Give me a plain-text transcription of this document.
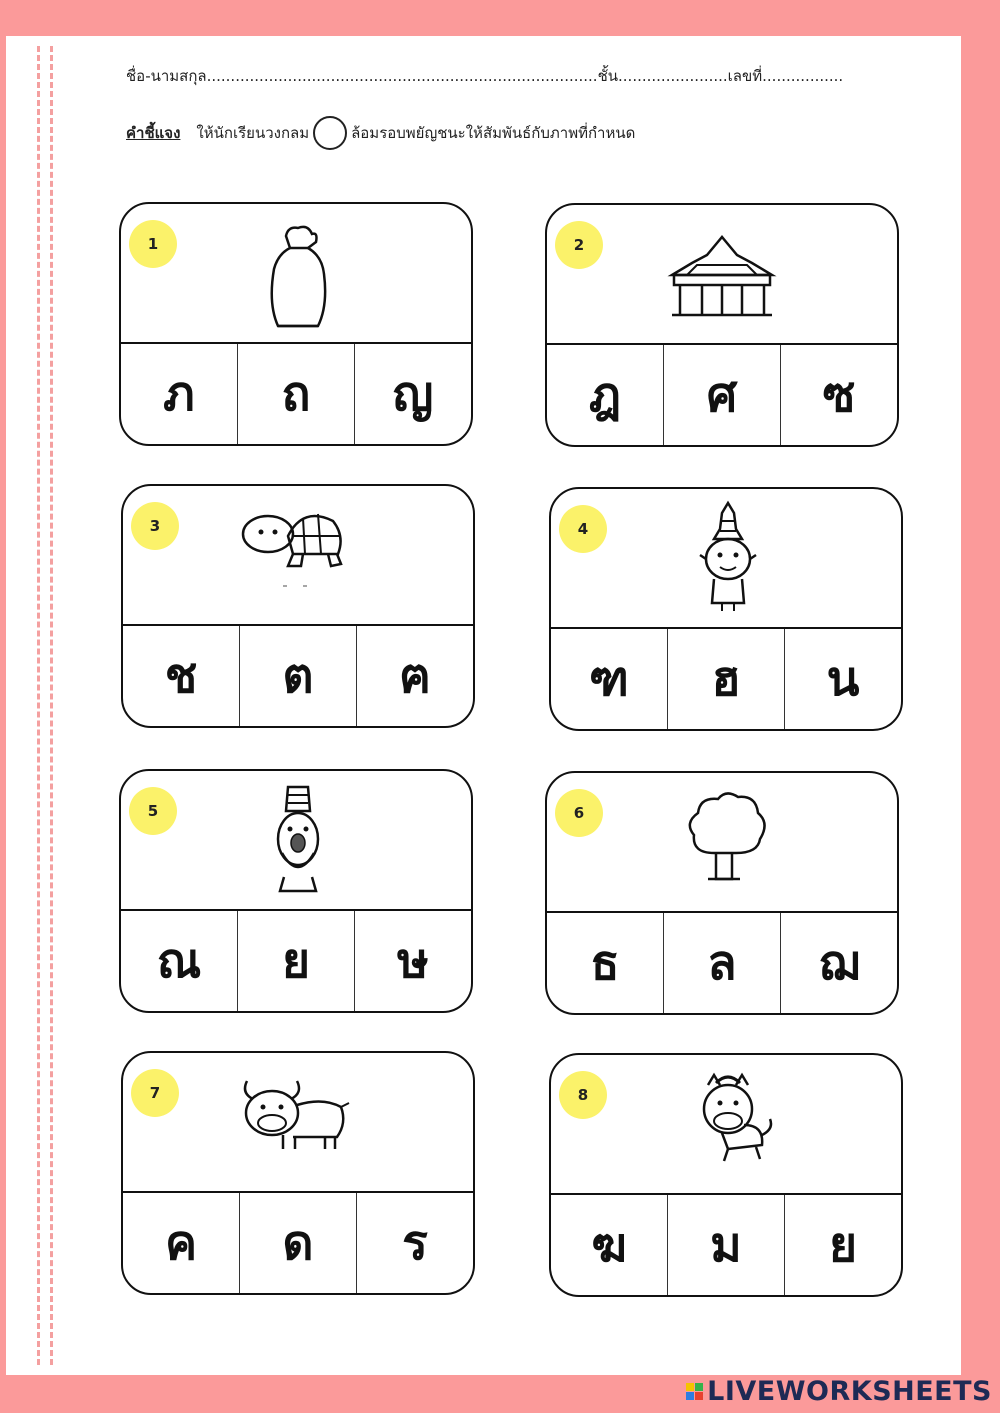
ชื่อ-นามสกุล..................................................................................ชั้น.......................เลขที่.................
คำชี้แจง ให้นักเรียนวงกลม	ล้อมรอบพยัญชนะให้สัมพันธ์กับภาพที่กำหนด
1
ภ	ถ	ญ
2
ฎ	ศ	ซ
3
ช	ต	ฅ
4
ฑ	ฮ	น
5
ณ	ย	ษ
6
ธ	ล	ฌ
7
ค	ด	ร
8
ฆ	ม	ย
LIVEWORKSHEETS
